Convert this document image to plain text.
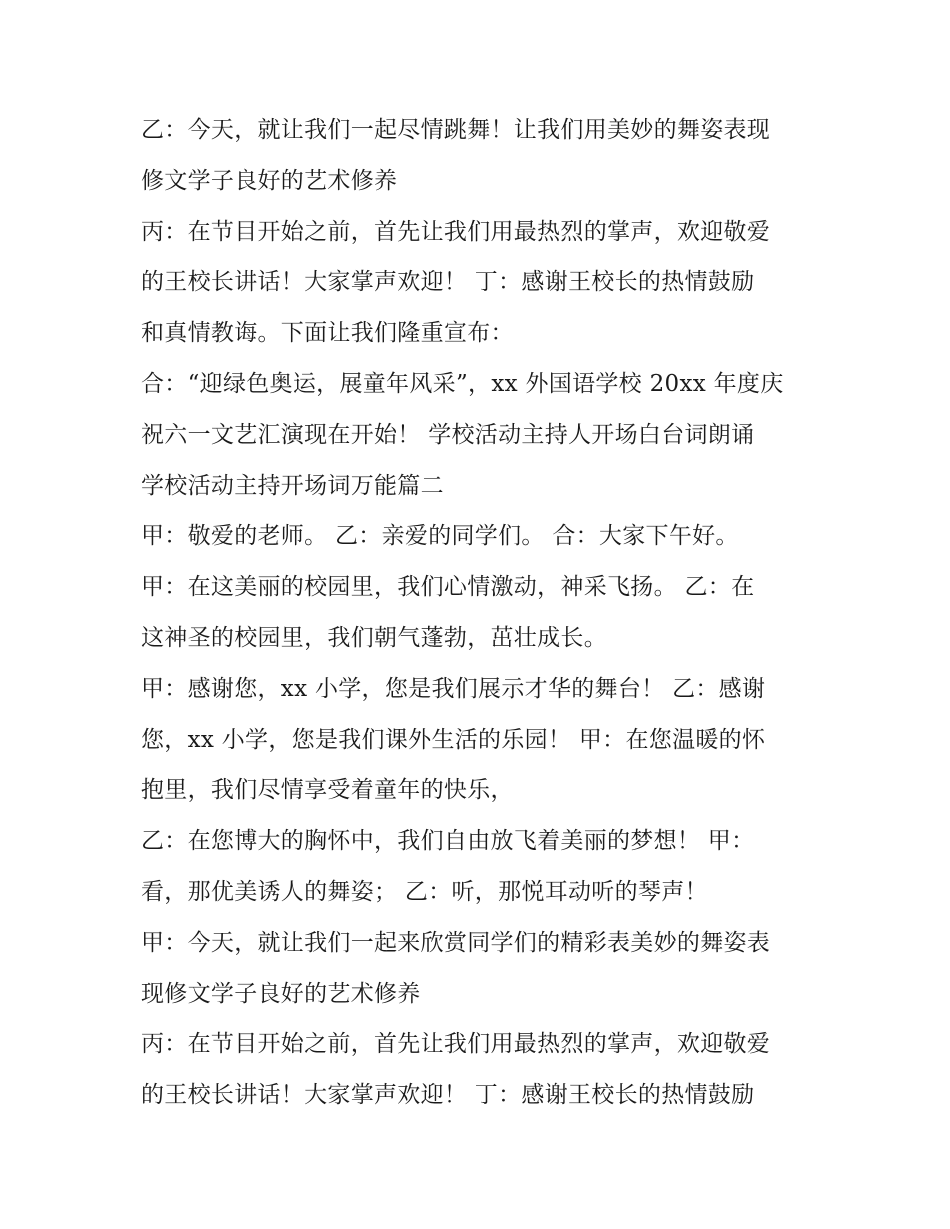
乙：今天，就让我们一起尽情跳舞！让我们用美妙的舞姿表现
修文学子良好的艺术修养
丙：在节目开始之前，首先让我们用最热烈的掌声，欢迎敬爱
的王校长讲话！大家掌声欢迎！ 丁：感谢王校长的热情鼓励
和真情教诲。下面让我们隆重宣布：
合：“迎绿色奥运，展童年风采”，xx 外国语学校 20xx 年度庆
祝六一文艺汇演现在开始！ 学校活动主持人开场白台词朗诵
学校活动主持开场词万能篇二
甲：敬爱的老师。 乙：亲爱的同学们。 合：大家下午好。
甲：在这美丽的校园里，我们心情激动，神采飞扬。 乙：在
这神圣的校园里，我们朝气蓬勃，茁壮成长。
甲：感谢您，xx 小学，您是我们展示才华的舞台！ 乙：感谢
您，xx 小学，您是我们课外生活的乐园！ 甲：在您温暖的怀
抱里，我们尽情享受着童年的快乐，
乙：在您博大的胸怀中，我们自由放飞着美丽的梦想！ 甲：
看，那优美诱人的舞姿； 乙：听，那悦耳动听的琴声！
甲：今天，就让我们一起来欣赏同学们的精彩表美妙的舞姿表
现修文学子良好的艺术修养
丙：在节目开始之前，首先让我们用最热烈的掌声，欢迎敬爱
的王校长讲话！大家掌声欢迎！ 丁：感谢王校长的热情鼓励
